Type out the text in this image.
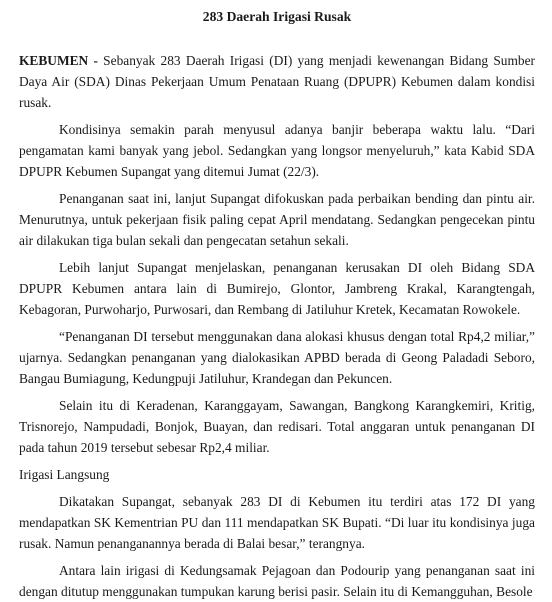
283 Daerah Irigasi Rusak

KEBUMEN - Sebanyak 283 Daerah Irigasi (DI) yang menjadi kewenangan Bidang Sumber Daya Air (SDA) Dinas Pekerjaan Umum Penataan Ruang (DPUPR) Kebumen dalam kondisi rusak.

Kondisinya semakin parah menyusul adanya banjir beberapa waktu lalu. “Dari pengamatan kami banyak yang jebol. Sedangkan yang longsor menyeluruh,” kata Kabid SDA DPUPR Kebumen Supangat yang ditemui Jumat (22/3).

Penanganan saat ini, lanjut Supangat difokuskan pada perbaikan bending dan pintu air. Menurutnya, untuk pekerjaan fisik paling cepat April mendatang. Sedangkan pengecekan pintu air dilakukan tiga bulan sekali dan pengecatan setahun sekali.

Lebih lanjut Supangat menjelaskan, penanganan kerusakan DI oleh Bidang SDA DPUPR Kebumen antara lain di Bumirejo, Glontor, Jambreng Krakal, Karangtengah, Kebagoran, Purwoharjo, Purwosari, dan Rembang di Jatiluhur Kretek, Kecamatan Rowokele.

“Penanganan DI tersebut menggunakan dana alokasi khusus dengan total Rp4,2 miliar,” ujarnya. Sedangkan penanganan yang dialokasikan APBD berada di Geong Paladadi Seboro, Bangau Bumiagung, Kedungpuji Jatiluhur, Krandegan dan Pekuncen.

Selain itu di Keradenan, Karanggayam, Sawangan, Bangkong Karangkemiri, Kritig, Trisnorejo, Nampudadi, Bonjok, Buayan, dan redisari. Total anggaran untuk penanganan DI pada tahun 2019 tersebut sebesar Rp2,4 miliar.

Irigasi Langsung

Dikatakan Supangat, sebanyak 283 DI di Kebumen itu terdiri atas 172 DI yang mendapatkan SK Kementrian PU dan 111 mendapatkan SK Bupati. “Di luar itu kondisinya juga rusak. Namun penanganannya berada di Balai besar,” terangnya.

Antara lain irigasi di Kedungsamak Pejagoan dan Podourip yang penanganan saat ini dengan ditutup menggunakan tumpukan karung berisi pasir. Selain itu di Kemangguhan, Besole
